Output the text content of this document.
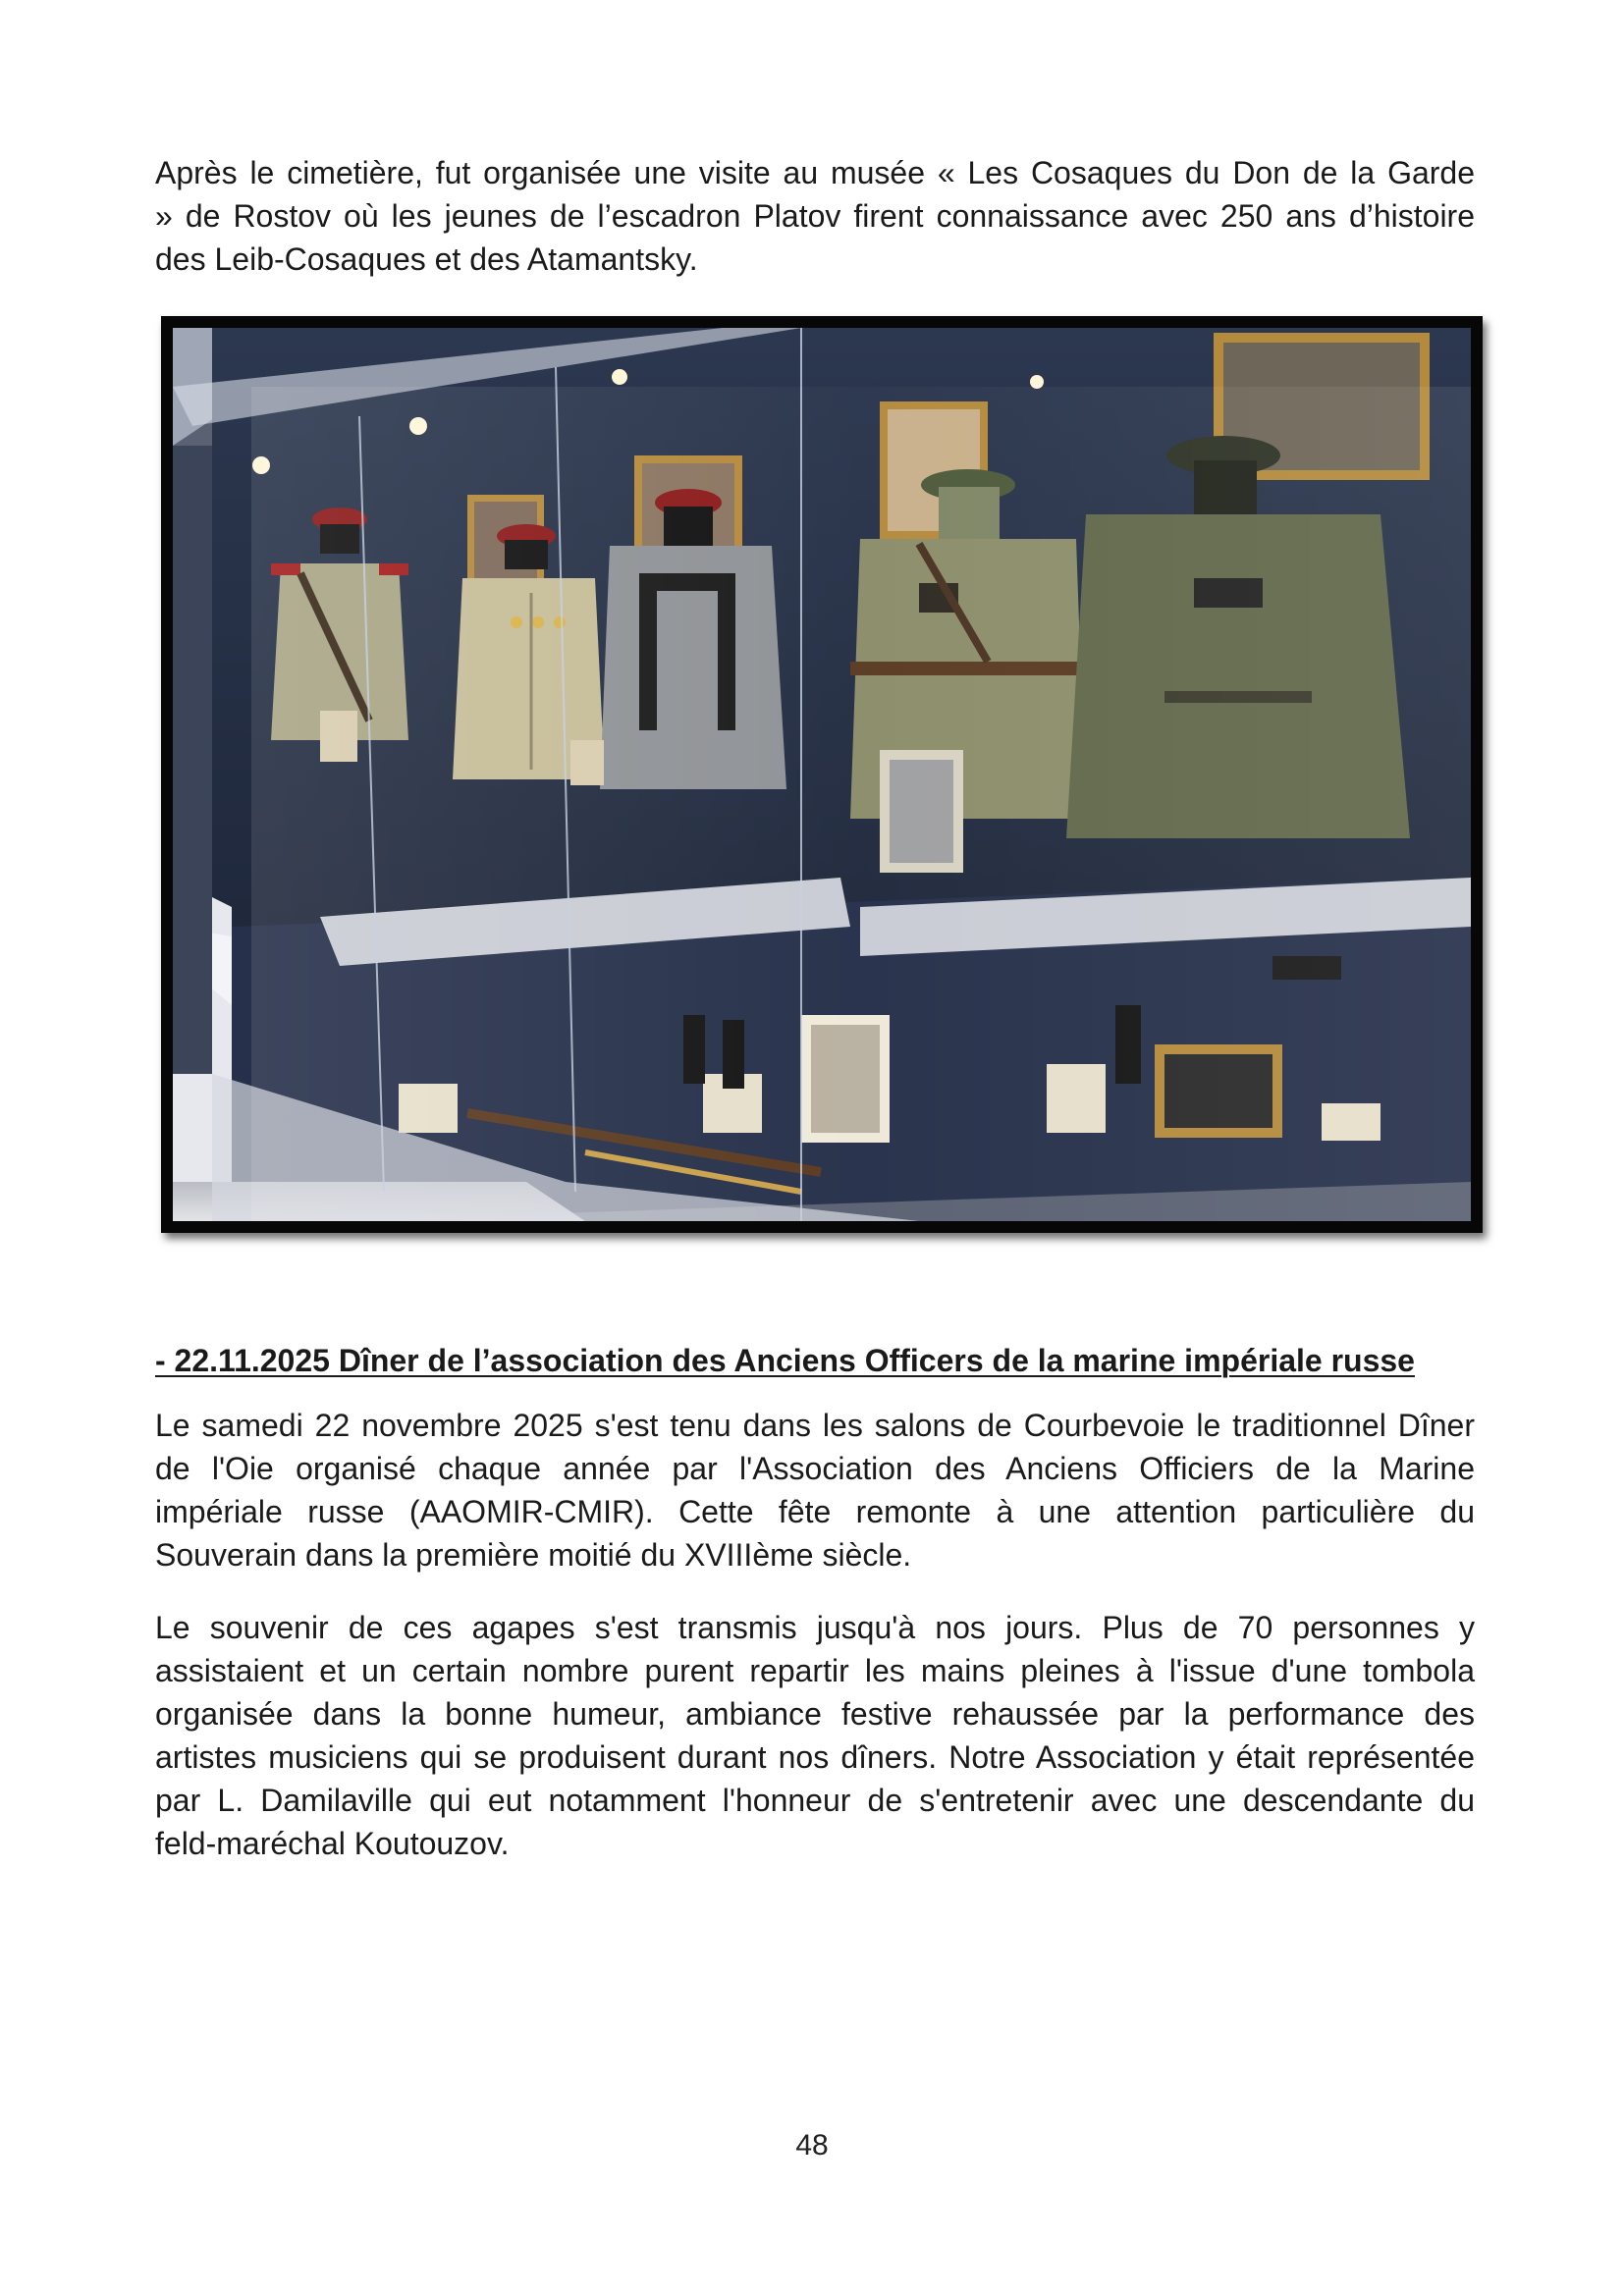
Après le cimetière, fut organisée une visite au musée « Les Cosaques du Don de la Garde

» de Rostov où les jeunes de l’escadron Platov firent connaissance avec 250 ans d’histoire

des Leib-Cosaques et des Atamantsky.

- 22.11.2025 Dîner de l’association des Anciens Officers de la marine impériale russe

Le samedi 22 novembre 2025 s'est tenu dans les salons de Courbevoie le traditionnel Dîner

de l'Oie organisé chaque année par l'Association des Anciens Officiers de la Marine

impériale russe (AAOMIR-CMIR). Cette fête remonte à une attention particulière du

Souverain dans la première moitié du XVIIIème siècle.

Le souvenir de ces agapes s'est transmis jusqu'à nos jours. Plus de 70 personnes y

assistaient et un certain nombre purent repartir les mains pleines à l'issue d'une tombola

organisée dans la bonne humeur, ambiance festive rehaussée par la performance des

artistes musiciens qui se produisent durant nos dîners. Notre Association y était représentée

par L. Damilaville qui eut notamment l'honneur de s'entretenir avec une descendante du

feld-maréchal Koutouzov.

48
